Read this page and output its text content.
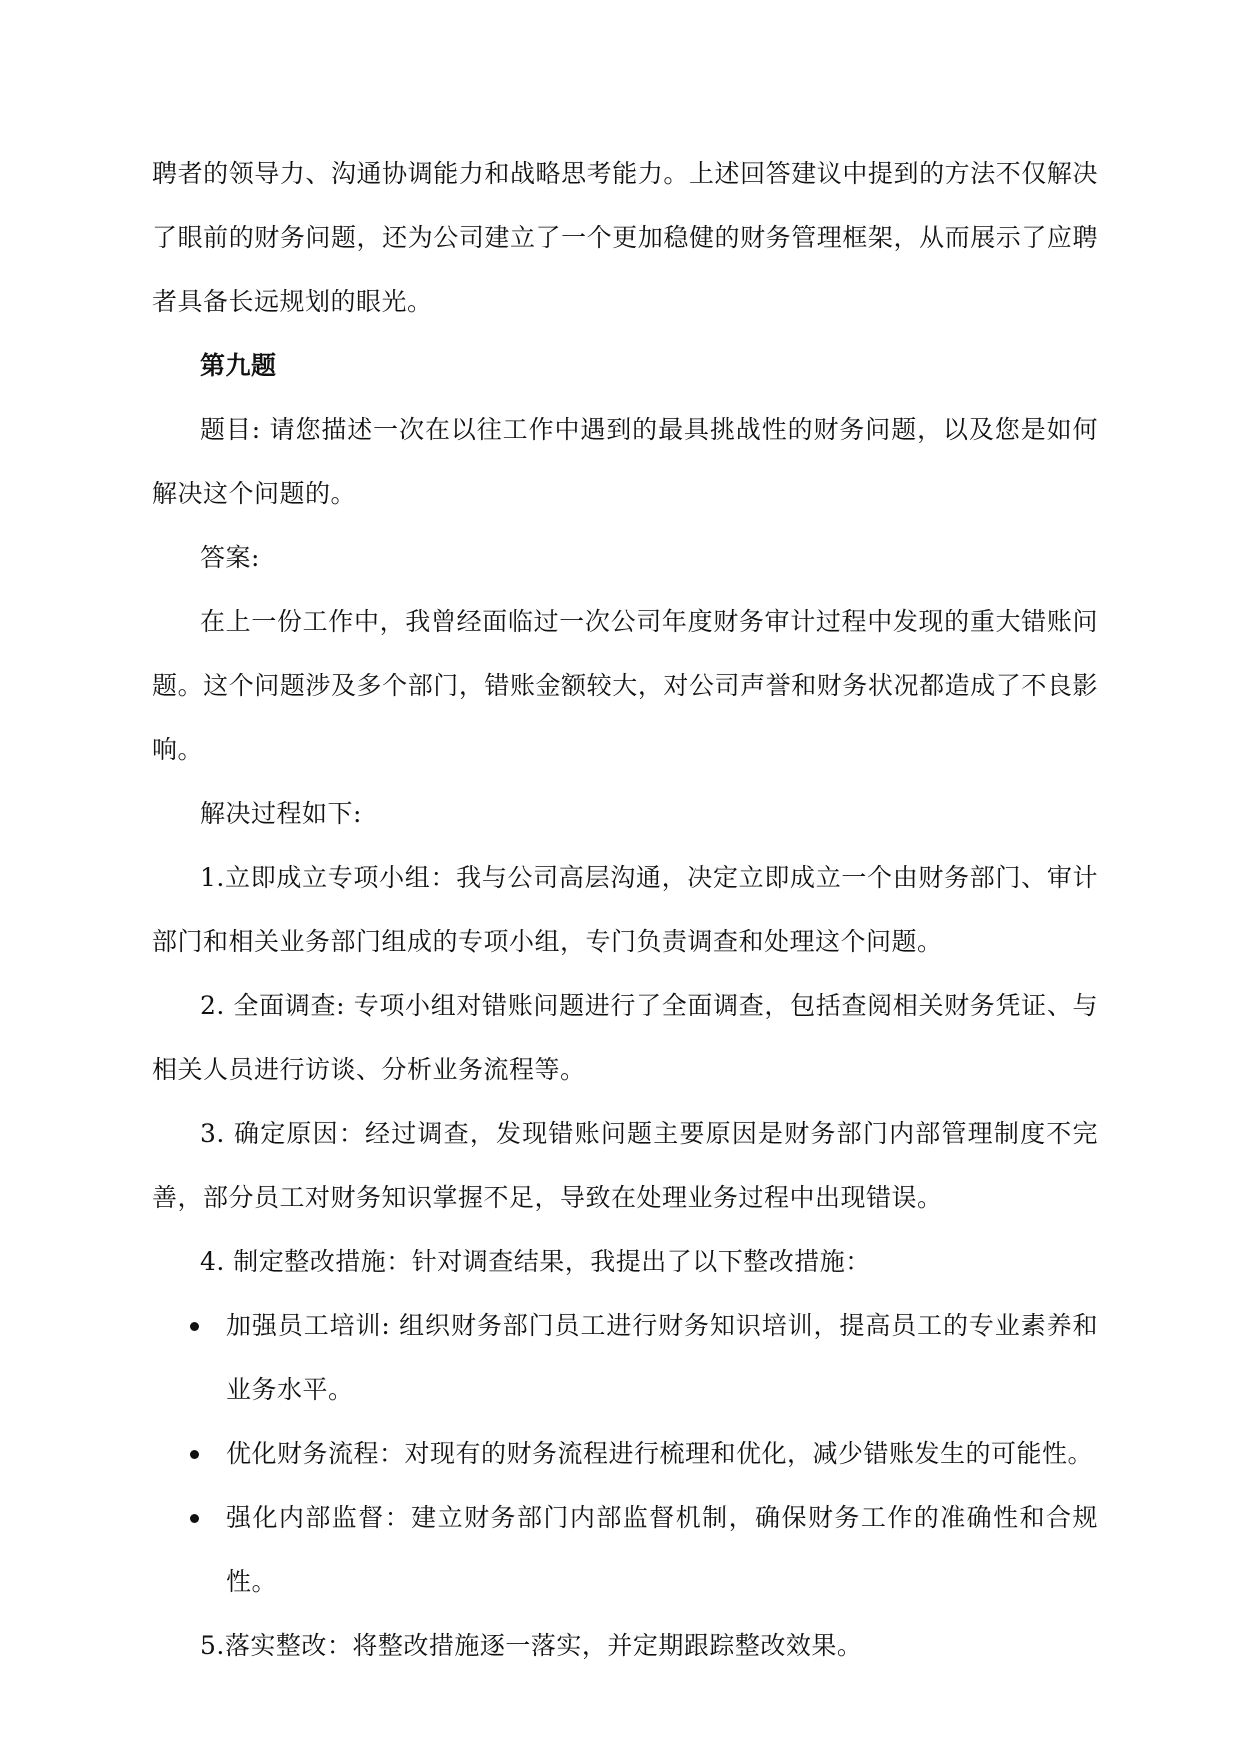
聘者的领导力、沟通协调能力和战略思考能力。上述回答建议中提到的方法不仅解决了眼前的财务问题，还为公司建立了一个更加稳健的财务管理框架，从而展示了应聘者具备长远规划的眼光。

第九题

题目: 请您描述一次在以往工作中遇到的最具挑战性的财务问题，以及您是如何解决这个问题的。

答案:

在上一份工作中，我曾经面临过一次公司年度财务审计过程中发现的重大错账问题。这个问题涉及多个部门，错账金额较大，对公司声誉和财务状况都造成了不良影响。

解决过程如下:

1.立即成立专项小组：我与公司高层沟通，决定立即成立一个由财务部门、审计部门和相关业务部门组成的专项小组，专门负责调查和处理这个问题。

2. 全面调查: 专项小组对错账问题进行了全面调查，包括查阅相关财务凭证、与相关人员进行访谈、分析业务流程等。

3. 确定原因：经过调查，发现错账问题主要原因是财务部门内部管理制度不完善，部分员工对财务知识掌握不足，导致在处理业务过程中出现错误。

4. 制定整改措施：针对调查结果，我提出了以下整改措施：

加强员工培训: 组织财务部门员工进行财务知识培训，提高员工的专业素养和业务水平。
优化财务流程：对现有的财务流程进行梳理和优化，减少错账发生的可能性。
强化内部监督：建立财务部门内部监督机制，确保财务工作的准确性和合规性。

5.落实整改：将整改措施逐一落实，并定期跟踪整改效果。
